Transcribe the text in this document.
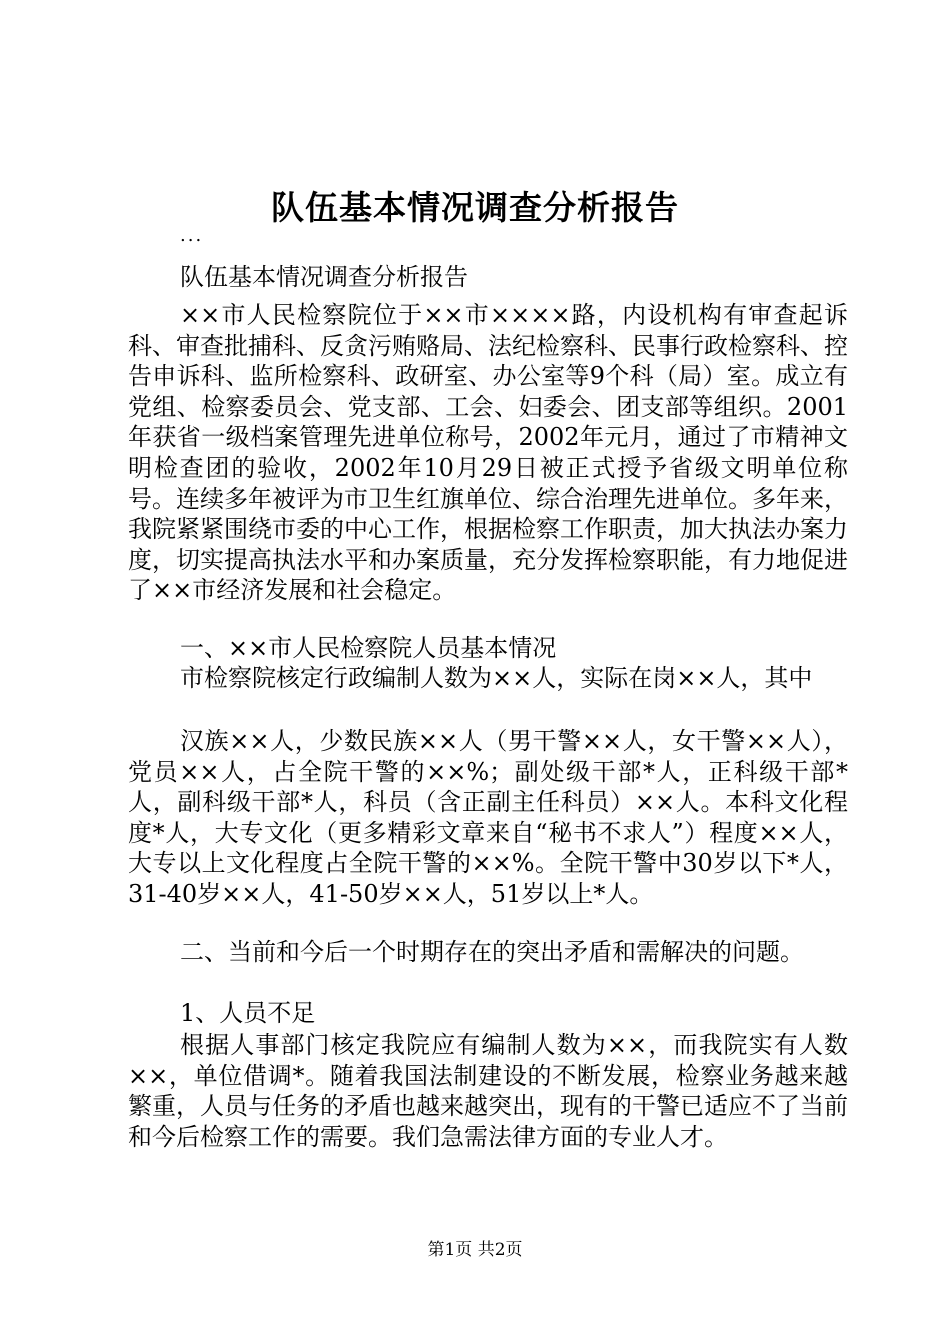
队伍基本情况调查分析报告
...
队伍基本情况调查分析报告

××市人民检察院位于××市××××路，内设机构有审查起诉科、审查批捕科、反贪污贿赂局、法纪检察科、民事行政检察科、控告申诉科、监所检察科、政研室、办公室等9个科（局）室。成立有党组、检察委员会、党支部、工会、妇委会、团支部等组织。2001年获省一级档案管理先进单位称号，2002年元月，通过了市精神文明检查团的验收，2002年10月29日被正式授予省级文明单位称号。连续多年被评为市卫生红旗单位、综合治理先进单位。多年来，我院紧紧围绕市委的中心工作，根据检察工作职责，加大执法办案力度，切实提高执法水平和办案质量，充分发挥检察职能，有力地促进了××市经济发展和社会稳定。

一、××市人民检察院人员基本情况

市检察院核定行政编制人数为××人，实际在岗××人，其中

汉族××人，少数民族××人（男干警××人，女干警××人），党员××人，占全院干警的××%；副处级干部*人，正科级干部*人，副科级干部*人，科员（含正副主任科员）××人。本科文化程度*人，大专文化（更多精彩文章来自“秘书不求人”）程度××人，大专以上文化程度占全院干警的××%。全院干警中30岁以下*人，31-40岁××人，41-50岁××人，51岁以上*人。

二、当前和今后一个时期存在的突出矛盾和需解决的问题。
1、人员不足

根据人事部门核定我院应有编制人数为××，而我院实有人数××，单位借调*。随着我国法制建设的不断发展，检察业务越来越繁重，人员与任务的矛盾也越来越突出，现有的干警已适应不了当前和今后检察工作的需要。我们急需法律方面的专业人才。

第1页 共2页
